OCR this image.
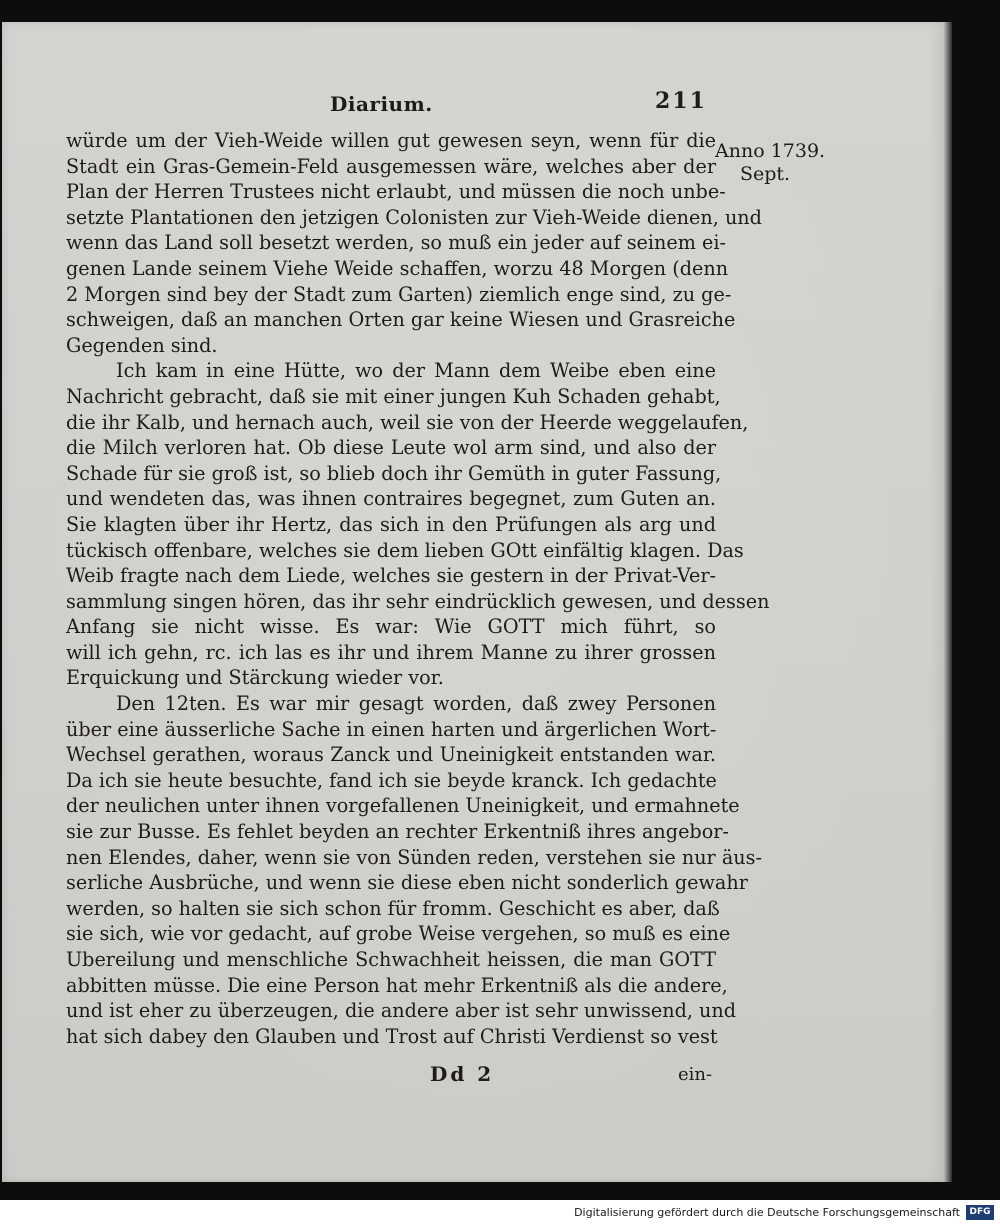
Diarium.	211
Anno 1739.
Sept.
würde um der Vieh-Weide willen gut gewesen seyn, wenn für die
Stadt ein Gras-Gemein-Feld ausgemessen wäre, welches aber der
Plan der Herren Trustees nicht erlaubt, und müssen die noch unbe-
setzte Plantationen den jetzigen Colonisten zur Vieh-Weide dienen, und
wenn das Land soll besetzt werden, so muß ein jeder auf seinem ei-
genen Lande seinem Viehe Weide schaffen, worzu 48 Morgen (denn
2 Morgen sind bey der Stadt zum Garten) ziemlich enge sind, zu ge-
schweigen, daß an manchen Orten gar keine Wiesen und Grasreiche
Gegenden sind.
Ich kam in eine Hütte, wo der Mann dem Weibe eben eine
Nachricht gebracht, daß sie mit einer jungen Kuh Schaden gehabt,
die ihr Kalb, und hernach auch, weil sie von der Heerde weggelaufen,
die Milch verloren hat. Ob diese Leute wol arm sind, und also der
Schade für sie groß ist, so blieb doch ihr Gemüth in guter Fassung,
und wendeten das, was ihnen contraires begegnet, zum Guten an.
Sie klagten über ihr Hertz, das sich in den Prüfungen als arg und
tückisch offenbare, welches sie dem lieben GOtt einfältig klagen. Das
Weib fragte nach dem Liede, welches sie gestern in der Privat-Ver-
sammlung singen hören, das ihr sehr eindrücklich gewesen, und dessen
Anfang sie nicht wisse. Es war: Wie GOTT mich führt, so
will ich gehn, rc. ich las es ihr und ihrem Manne zu ihrer grossen
Erquickung und Stärckung wieder vor.
Den 12ten. Es war mir gesagt worden, daß zwey Personen
über eine äusserliche Sache in einen harten und ärgerlichen Wort-
Wechsel gerathen, woraus Zanck und Uneinigkeit entstanden war.
Da ich sie heute besuchte, fand ich sie beyde kranck. Ich gedachte
der neulichen unter ihnen vorgefallenen Uneinigkeit, und ermahnete
sie zur Busse. Es fehlet beyden an rechter Erkentniß ihres angebor-
nen Elendes, daher, wenn sie von Sünden reden, verstehen sie nur äus-
serliche Ausbrüche, und wenn sie diese eben nicht sonderlich gewahr
werden, so halten sie sich schon für fromm. Geschicht es aber, daß
sie sich, wie vor gedacht, auf grobe Weise vergehen, so muß es eine
Ubereilung und menschliche Schwachheit heissen, die man GOTT
abbitten müsse. Die eine Person hat mehr Erkentniß als die andere,
und ist eher zu überzeugen, die andere aber ist sehr unwissend, und
hat sich dabey den Glauben und Trost auf Christi Verdienst so vest
Dd 2	ein-
Digitalisierung gefördert durch die Deutsche Forschungsgemeinschaft	DFG
